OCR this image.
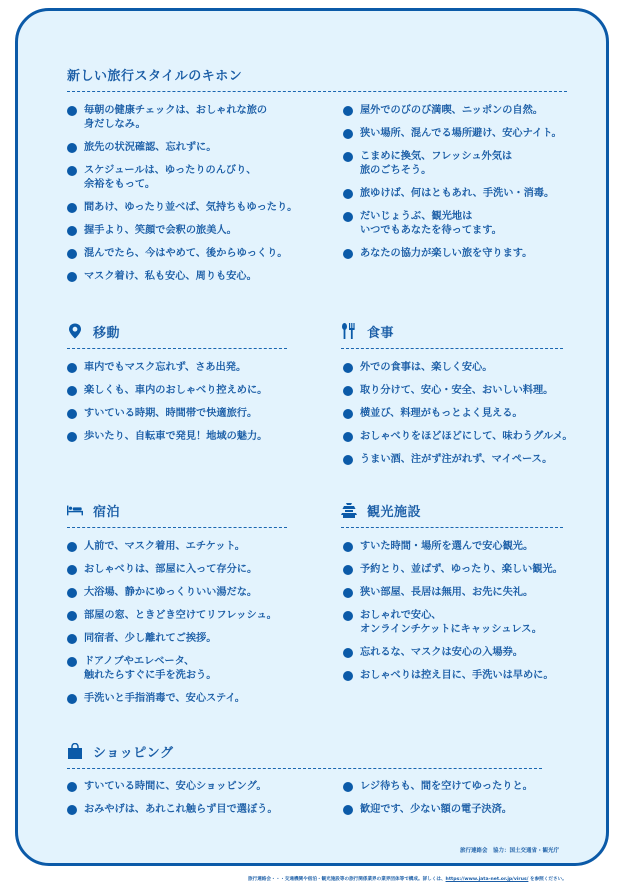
新しい旅行スタイルのキホン
毎朝の健康チェックは、おしゃれな旅の
身だしなみ。
旅先の状況確認、忘れずに。
スケジュールは、ゆったりのんびり、
余裕をもって。
間あけ、ゆったり並べば、気持ちもゆったり。
握手より、笑顔で会釈の旅美人。
混んでたら、今はやめて、後からゆっくり。
マスク着け、私も安心、周りも安心。
屋外でのびのび満喫、ニッポンの自然。
狭い場所、混んでる場所避け、安心ナイト。
こまめに換気、フレッシュ外気は
旅のごちそう。
旅ゆけば、何はともあれ、手洗い・消毒。
だいじょうぶ、観光地は
いつでもあなたを待ってます。
あなたの協力が楽しい旅を守ります。
移動
車内でもマスク忘れず、さあ出発。
楽しくも、車内のおしゃべり控えめに。
すいている時期、時間帯で快適旅行。
歩いたり、自転車で発見！地域の魅力。
食事
外での食事は、楽しく安心。
取り分けて、安心・安全、おいしい料理。
横並び、料理がもっとよく見える。
おしゃべりをほどほどにして、味わうグルメ。
うまい酒、注がず注がれず、マイペース。
宿泊
人前で、マスク着用、エチケット。
おしゃべりは、部屋に入って存分に。
大浴場、静かにゆっくりいい湯だな。
部屋の窓、ときどき空けてリフレッシュ。
同宿者、少し離れてご挨拶。
ドアノブやエレベータ、
触れたらすぐに手を洗おう。
手洗いと手指消毒で、安心ステイ。
観光施設
すいた時間・場所を選んで安心観光。
予約とり、並ばず、ゆったり、楽しい観光。
狭い部屋、長居は無用、お先に失礼。
おしゃれで安心、
オンラインチケットにキャッシュレス。
忘れるな、マスクは安心の入場券。
おしゃべりは控え目に、手洗いは早めに。
ショッピング
すいている時間に、安心ショッピング。
おみやげは、あれこれ触らず目で選ぼう。
レジ待ちも、間を空けてゆったりと。
歓迎です、少ない額の電子決済。
旅行連絡会　協力：国土交通省・観光庁
旅行連絡会・・・交通機関や宿泊・観光施設等の旅行関係業界の業界団体等で構成。詳しくは、https://www.jata-net.or.jp/virus/ を参照ください。
